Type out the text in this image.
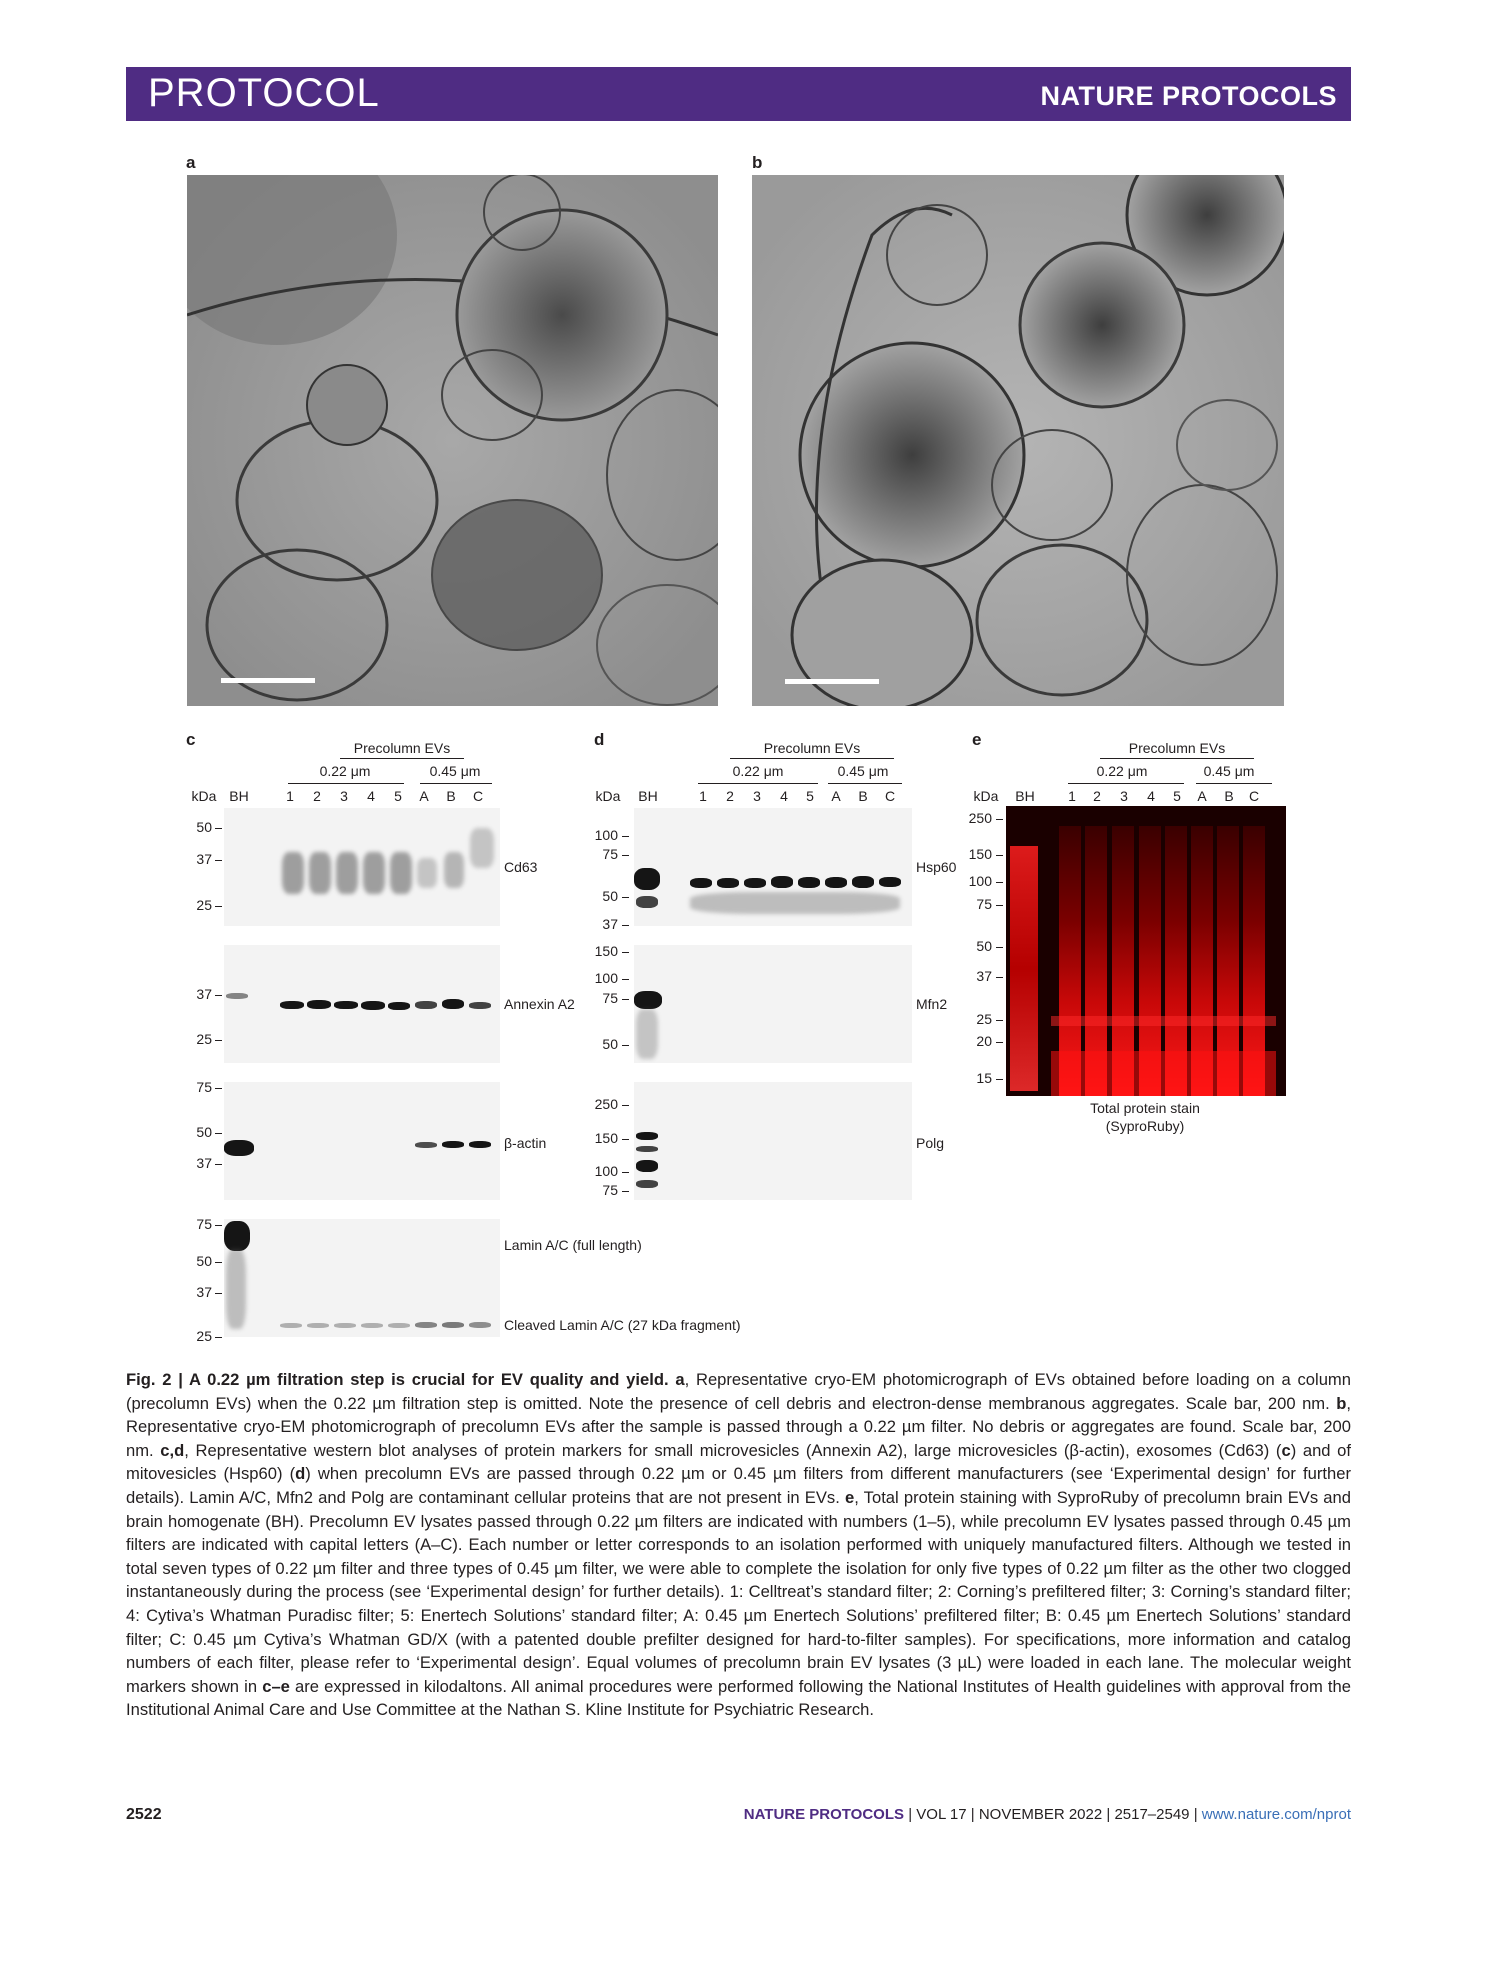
PROTOCOL	NATURE PROTOCOLS
a	b
c	Precolumn EVs
0.22 μm	0.45 μm
kDa BH	1	2	3	4	5	A	B	C
50
37
25
Cd63
37
25
Annexin A2
75
50
37
β-actin
75
50
37
25
Lamin A/C (full length)
Cleaved Lamin A/C (27 kDa fragment)
d	Precolumn EVs
0.22 μm	0.45 μm
kDa BH	1	2	3	4	5	A	B	C
100
75
50
37
Hsp60
150
100
75
50
Mfn2
250
150
100
75
Polg
e	Precolumn EVs
0.22 μm	0.45 μm
kDa BH	1	2	3	4	5	A	B	C
250
150
100
75
50
37
25
20
15
Total protein stain
(SyproRuby)
Fig. 2 | A 0.22 µm filtration step is crucial for EV quality and yield. a, Representative cryo-EM photomicrograph of EVs obtained before loading on a column (precolumn EVs) when the 0.22 µm filtration step is omitted. Note the presence of cell debris and electron-dense membranous aggregates. Scale bar, 200 nm. b, Representative cryo-EM photomicrograph of precolumn EVs after the sample is passed through a 0.22 µm filter. No debris or aggregates are found. Scale bar, 200 nm. c,d, Representative western blot analyses of protein markers for small microvesicles (Annexin A2), large microvesicles (β-actin), exosomes (Cd63) (c) and of mitovesicles (Hsp60) (d) when precolumn EVs are passed through 0.22 µm or 0.45 µm filters from different manufacturers (see ‘Experimental design’ for further details). Lamin A/C, Mfn2 and Polg are contaminant cellular proteins that are not present in EVs. e, Total protein staining with SyproRuby of precolumn brain EVs and brain homogenate (BH). Precolumn EV lysates passed through 0.22 µm filters are indicated with numbers (1–5), while precolumn EV lysates passed through 0.45 µm filters are indicated with capital letters (A–C). Each number or letter corresponds to an isolation performed with uniquely manufactured filters. Although we tested in total seven types of 0.22 µm filter and three types of 0.45 µm filter, we were able to complete the isolation for only five types of 0.22 µm filter as the other two clogged instantaneously during the process (see ‘Experimental design’ for further details). 1: Celltreat’s standard filter; 2: Corning’s prefiltered filter; 3: Corning’s standard filter; 4: Cytiva’s Whatman Puradisc filter; 5: Enertech Solutions’ standard filter; A: 0.45 µm Enertech Solutions’ prefiltered filter; B: 0.45 µm Enertech Solutions’ standard filter; C: 0.45 µm Cytiva’s Whatman GD/X (with a patented double prefilter designed for hard-to-filter samples). For specifications, more information and catalog numbers of each filter, please refer to ‘Experimental design’. Equal volumes of precolumn brain EV lysates (3 µL) were loaded in each lane. The molecular weight markers shown in c–e are expressed in kilodaltons. All animal procedures were performed following the National Institutes of Health guidelines with approval from the Institutional Animal Care and Use Committee at the Nathan S. Kline Institute for Psychiatric Research.
2522	NATURE PROTOCOLS | VOL 17 | NOVEMBER 2022 | 2517–2549 | www.nature.com/nprot
